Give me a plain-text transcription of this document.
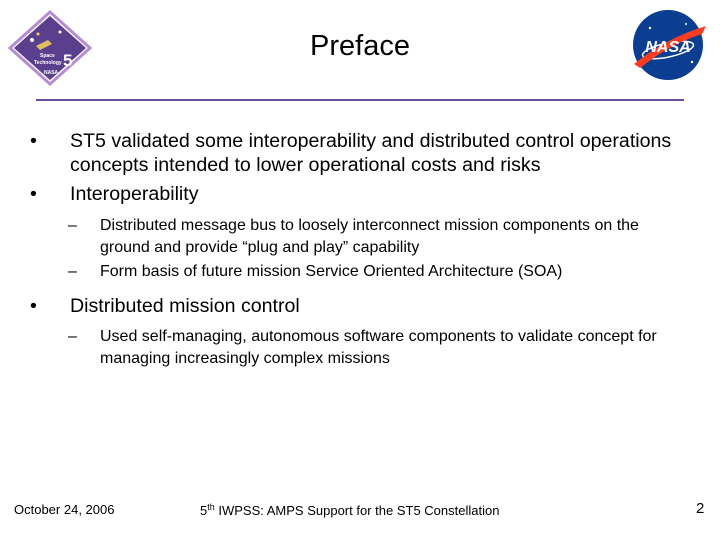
Space
Technology 5
NASA
Preface	NASA
•	ST5 validated some interoperability and distributed control operations concepts intended to lower operational costs and risks
•	Interoperability
– Distributed message bus to loosely interconnect mission components on the ground and provide “plug and play” capability
– Form basis of future mission Service Oriented Architecture (SOA)
•	Distributed mission control
– Used self-managing, autonomous software components to validate concept for managing increasingly complex missions
October 24, 2006	5th IWPSS: AMPS Support for the ST5 Constellation	2
